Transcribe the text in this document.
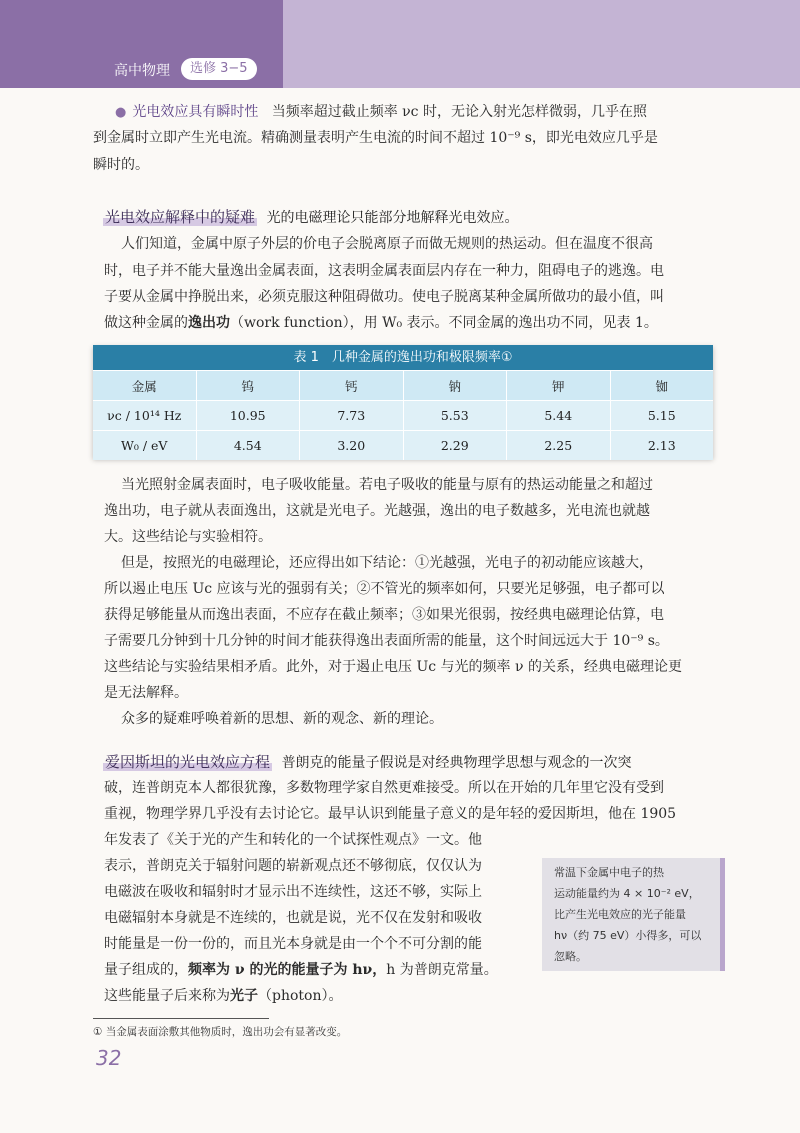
高中物理	选修 3−5
● 光电效应具有瞬时性 当频率超过截止频率 νc 时，无论入射光怎样微弱，几乎在照
到金属时立即产生光电流。精确测量表明产生电流的时间不超过 10⁻⁹ s，即光电效应几乎是
瞬时的。
光电效应解释中的疑难 光的电磁理论只能部分地解释光电效应。
人们知道，金属中原子外层的价电子会脱离原子而做无规则的热运动。但在温度不很高
时，电子并不能大量逸出金属表面，这表明金属表面层内存在一种力，阻碍电子的逃逸。电
子要从金属中挣脱出来，必须克服这种阻碍做功。使电子脱离某种金属所做功的最小值，叫
做这种金属的逸出功（work function），用 W₀ 表示。不同金属的逸出功不同，见表 1。
表 1　几种金属的逸出功和极限频率①
金属	钨	钙	钠	钾	铷
νc / 10¹⁴ Hz	10.95	7.73	5.53	5.44	5.15
W₀ / eV	4.54	3.20	2.29	2.25	2.13
当光照射金属表面时，电子吸收能量。若电子吸收的能量与原有的热运动能量之和超过
逸出功，电子就从表面逸出，这就是光电子。光越强，逸出的电子数越多，光电流也就越
大。这些结论与实验相符。
但是，按照光的电磁理论，还应得出如下结论：①光越强，光电子的初动能应该越大，
所以遏止电压 Uc 应该与光的强弱有关；②不管光的频率如何，只要光足够强，电子都可以
获得足够能量从而逸出表面，不应存在截止频率；③如果光很弱，按经典电磁理论估算，电
子需要几分钟到十几分钟的时间才能获得逸出表面所需的能量，这个时间远远大于 10⁻⁹ s。
这些结论与实验结果相矛盾。此外，对于遏止电压 Uc 与光的频率 ν 的关系，经典电磁理论更
是无法解释。
众多的疑难呼唤着新的思想、新的观念、新的理论。
爱因斯坦的光电效应方程 普朗克的能量子假说是对经典物理学思想与观念的一次突
破，连普朗克本人都很犹豫，多数物理学家自然更难接受。所以在开始的几年里它没有受到
重视，物理学界几乎没有去讨论它。最早认识到能量子意义的是年轻的爱因斯坦，他在 1905
年发表了《关于光的产生和转化的一个试探性观点》一文。他
表示，普朗克关于辐射问题的崭新观点还不够彻底，仅仅认为
电磁波在吸收和辐射时才显示出不连续性，这还不够，实际上
电磁辐射本身就是不连续的，也就是说，光不仅在发射和吸收
时能量是一份一份的，而且光本身就是由一个个不可分割的能
量子组成的，频率为 ν 的光的能量子为 hν，h 为普朗克常量。
这些能量子后来称为光子（photon）。
常温下金属中电子的热
运动能量约为 4 × 10⁻² eV，
比产生光电效应的光子能量
hν（约 75 eV）小得多，可以
忽略。
① 当金属表面涂敷其他物质时，逸出功会有显著改变。
32
